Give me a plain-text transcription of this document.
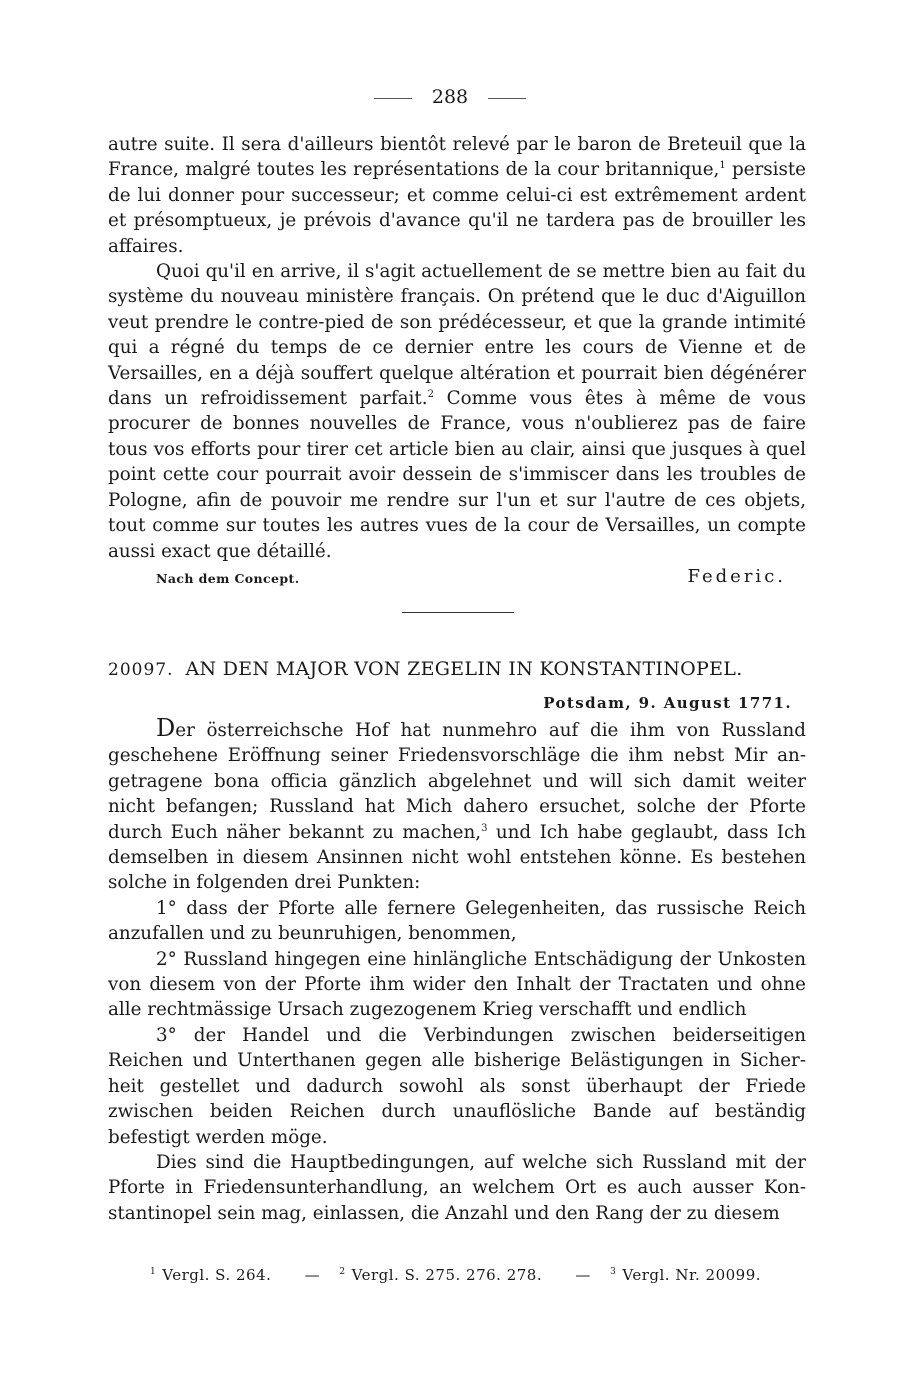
288

autre suite. Il sera d'ailleurs bientôt relevé par le baron de Breteuil que la France, malgré toutes les représentations de la cour britannique,$^1$ persiste de lui donner pour successeur; et comme celui-ci est extrêmement ardent et présomptueux, je prévois d'avance qu'il ne tardera pas de brouiller les affaires.

Quoi qu'il en arrive, il s'agit actuellement de se mettre bien au fait du système du nouveau ministère français. On prétend que le duc d'Aiguillon veut prendre le contre-pied de son prédécesseur, et que la grande intimité qui a régné du temps de ce dernier entre les cours de Vienne et de Versailles, en a déjà souffert quelque altération et pourrait bien dégénérer dans un refroidissement parfait.$^2$ Comme vous êtes à même de vous procurer de bonnes nouvelles de France, vous n'oublierez pas de faire tous vos efforts pour tirer cet article bien au clair, ainsi que jusques à quel point cette cour pourrait avoir dessein de s'immiscer dans les troubles de Pologne, afin de pouvoir me rendre sur l'un et sur l'autre de ces objets, tout comme sur toutes les autres vues de la cour de Versailles, un compte aussi exact que détaillé.

Nach dem Concept.	Federic.
20097. AN DEN MAJOR VON ZEGELIN IN KONSTANTINOPEL.
Potsdam, 9. August 1771.

Der österreichsche Hof hat nunmehro auf die ihm von Russland geschehene Eröffnung seiner Friedensvorschläge die ihm nebst Mir angetragene bona officia gänzlich abgelehnet und will sich damit weiter nicht befangen; Russland hat Mich dahero ersuchet, solche der Pforte durch Euch näher bekannt zu machen,$^3$ und Ich habe geglaubt, dass Ich demselben in diesem Ansinnen nicht wohl entstehen könne. Es bestehen solche in folgenden drei Punkten:

1° dass der Pforte alle fernere Gelegenheiten, das russische Reich anzufallen und zu beunruhigen, benommen,

2° Russland hingegen eine hinlängliche Entschädigung der Unkosten von diesem von der Pforte ihm wider den Inhalt der Tractaten und ohne alle rechtmässige Ursach zugezogenem Krieg verschafft und endlich

3° der Handel und die Verbindungen zwischen beiderseitigen Reichen und Unterthanen gegen alle bisherige Belästigungen in Sicherheit gestellet und dadurch sowohl als sonst überhaupt der Friede zwischen beiden Reichen durch unauflösliche Bande auf beständig befestigt werden möge.

Dies sind die Hauptbedingungen, auf welche sich Russland mit der Pforte in Friedensunterhandlung, an welchem Ort es auch ausser Konstantinopel sein mag, einlassen, die Anzahl und den Rang der zu diesem

$^1$ Vergl. S. 264. — $^2$ Vergl. S. 275. 276. 278. — $^3$ Vergl. Nr. 20099.
